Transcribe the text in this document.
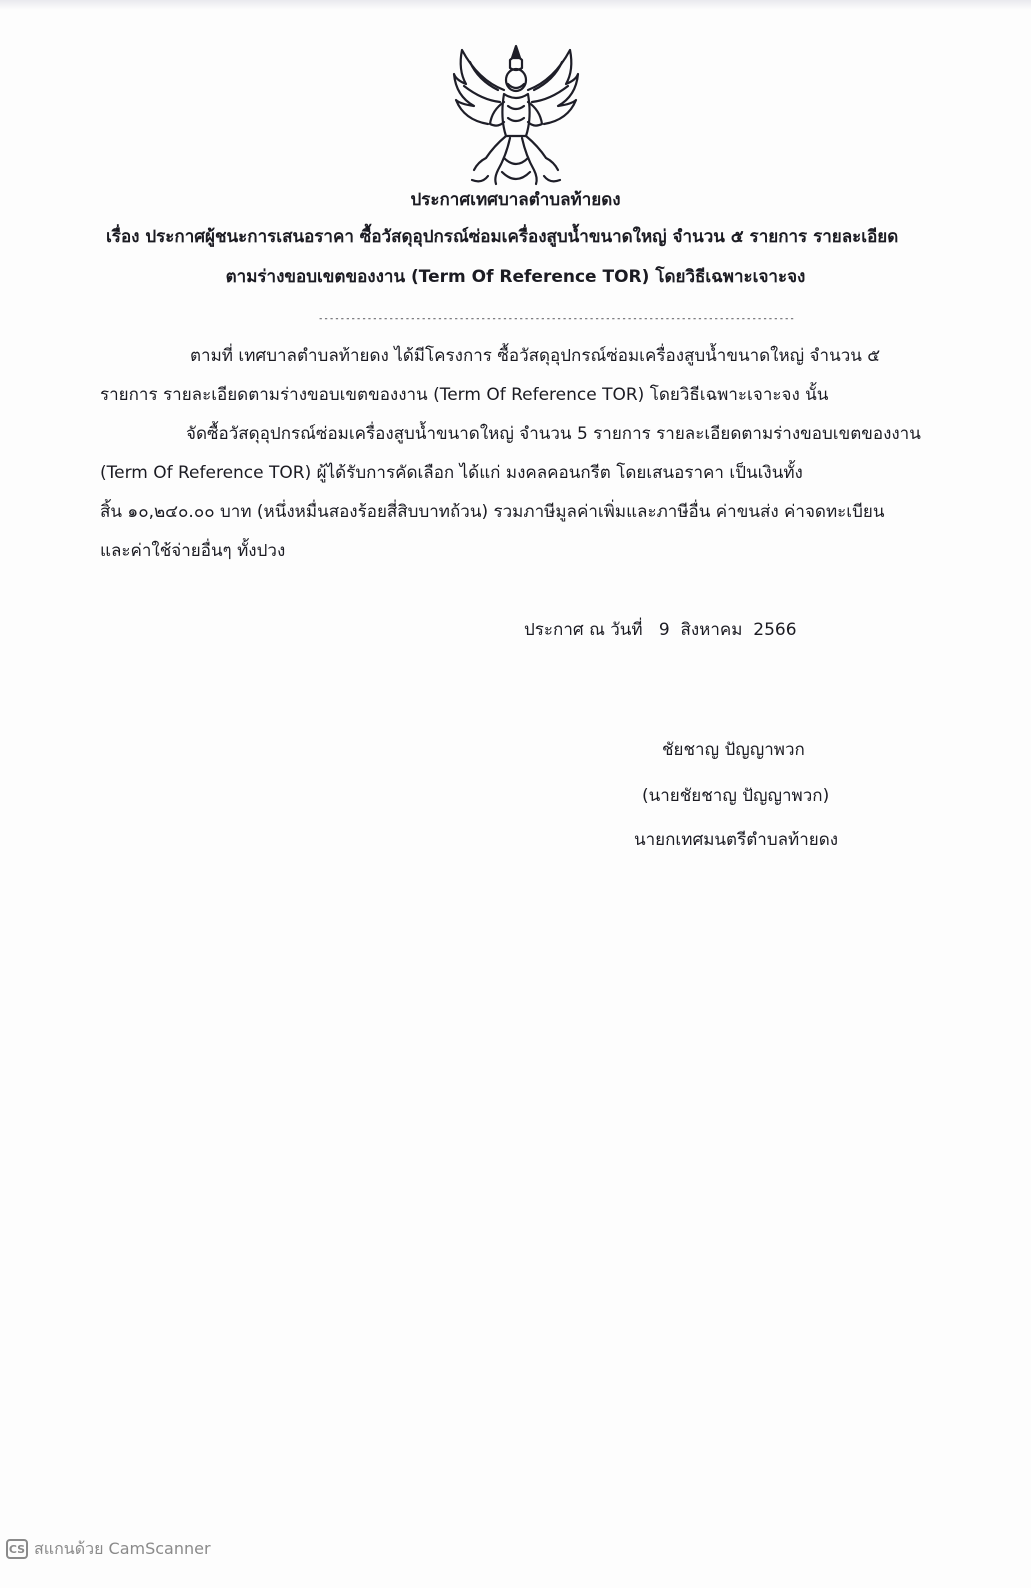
ประกาศเทศบาลตำบลท้ายดง
เรื่อง ประกาศผู้ชนะการเสนอราคา ซื้อวัสดุอุปกรณ์ซ่อมเครื่องสูบน้ำขนาดใหญ่ จำนวน ๕ รายการ รายละเอียด
ตามร่างขอบเขตของงาน (Term Of Reference TOR) โดยวิธีเฉพาะเจาะจง
----------------------------------------------------------------------------------------
ตามที่ เทศบาลตำบลท้ายดง ได้มีโครงการ ซื้อวัสดุอุปกรณ์ซ่อมเครื่องสูบน้ำขนาดใหญ่ จำนวน ๕
รายการ รายละเอียดตามร่างขอบเขตของงาน (Term Of Reference TOR) โดยวิธีเฉพาะเจาะจง นั้น
จัดซื้อวัสดุอุปกรณ์ซ่อมเครื่องสูบน้ำขนาดใหญ่ จำนวน 5 รายการ รายละเอียดตามร่างขอบเขตของงาน
(Term Of Reference TOR) ผู้ได้รับการคัดเลือก ได้แก่ มงคลคอนกรีต โดยเสนอราคา เป็นเงินทั้ง
สิ้น ๑๐,๒๔๐.๐๐ บาท (หนึ่งหมื่นสองร้อยสี่สิบบาทถ้วน) รวมภาษีมูลค่าเพิ่มและภาษีอื่น ค่าขนส่ง ค่าจดทะเบียน
และค่าใช้จ่ายอื่นๆ ทั้งปวง
ประกาศ ณ วันที่   9  สิงหาคม  2566
ชัยชาญ ปัญญาพวก
(นายชัยชาญ ปัญญาพวก)
นายกเทศมนตรีตำบลท้ายดง
CS สแกนด้วย CamScanner
